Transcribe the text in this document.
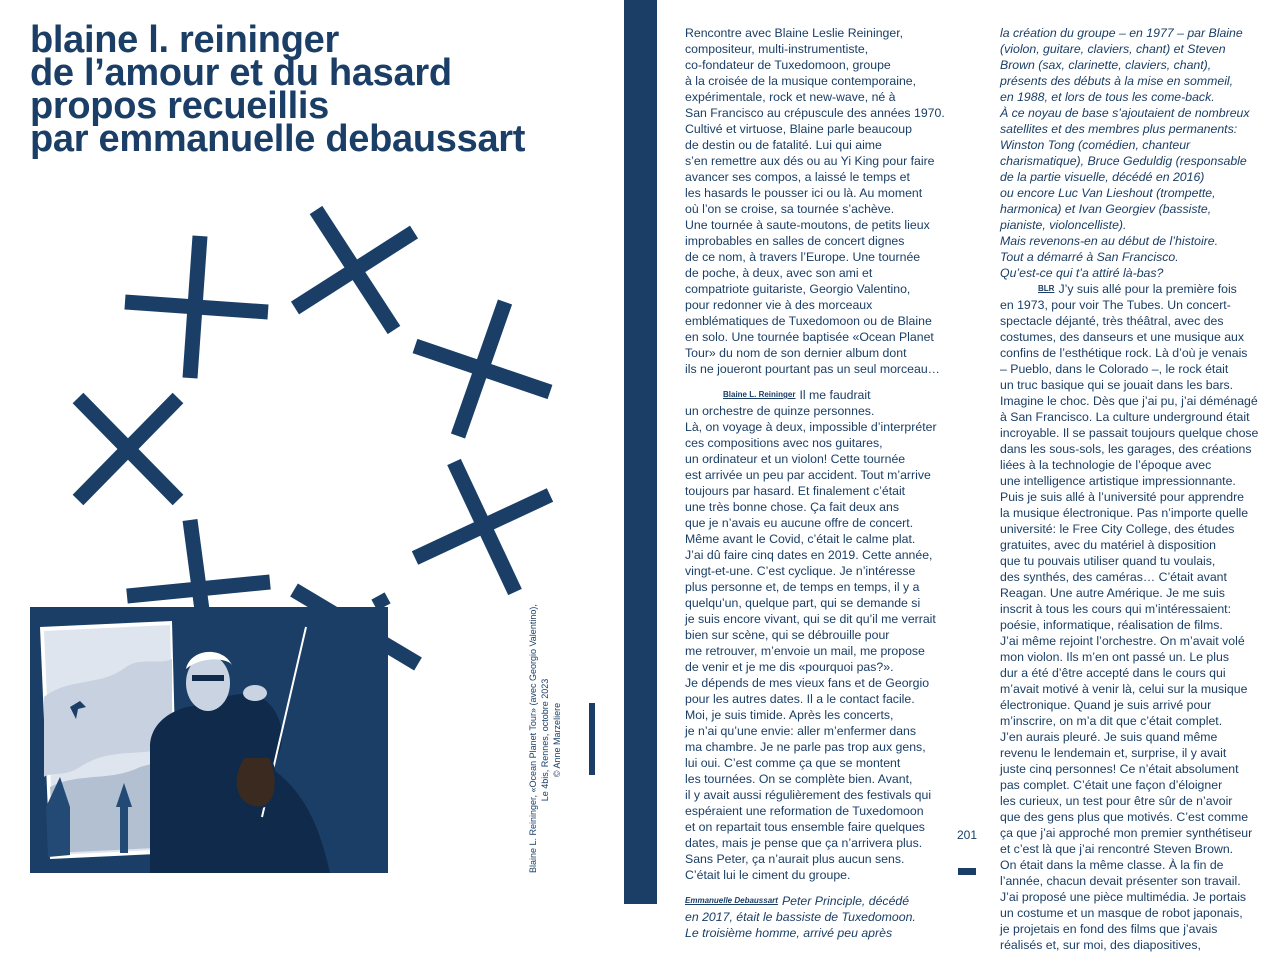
blaine l. reininger
de l’amour et du hasard
propos recueillis
par emmanuelle debaussart
Blaine L. Reininger, «Ocean Planet Tour» (avec Georgio Valentino), Le 4bis, Rennes, octobre 2023 © Anne Marzeliere
Rencontre avec Blaine Leslie Reininger,
compositeur, multi-instrumentiste,
co-fondateur de Tuxedomoon, groupe
à la croisée de la musique contemporaine,
expérimentale, rock et new-wave, né à
San Francisco au crépuscule des années 1970.
Cultivé et virtuose, Blaine parle beaucoup
de destin ou de fatalité. Lui qui aime
s’en remettre aux dés ou au Yi King pour faire
avancer ses compos, a laissé le temps et
les hasards le pousser ici ou là. Au moment
où l’on se croise, sa tournée s’achève.
Une tournée à saute-moutons, de petits lieux
improbables en salles de concert dignes
de ce nom, à travers l’Europe. Une tournée
de poche, à deux, avec son ami et
compatriote guitariste, Georgio Valentino,
pour redonner vie à des morceaux
emblématiques de Tuxedomoon ou de Blaine
en solo. Une tournée baptisée «Ocean Planet
Tour» du nom de son dernier album dont
ils ne joueront pourtant pas un seul morceau…
Blaine L. Reininger Il me faudrait
un orchestre de quinze personnes.
Là, on voyage à deux, impossible d’interpréter
ces compositions avec nos guitares,
un ordinateur et un violon! Cette tournée
est arrivée un peu par accident. Tout m’arrive
toujours par hasard. Et finalement c’était
une très bonne chose. Ça fait deux ans
que je n’avais eu aucune offre de concert.
Même avant le Covid, c’était le calme plat.
J’ai dû faire cinq dates en 2019. Cette année,
vingt-et-une. C’est cyclique. Je n’intéresse
plus personne et, de temps en temps, il y a
quelqu’un, quelque part, qui se demande si
je suis encore vivant, qui se dit qu’il me verrait
bien sur scène, qui se débrouille pour
me retrouver, m’envoie un mail, me propose
de venir et je me dis «pourquoi pas?».
Je dépends de mes vieux fans et de Georgio
pour les autres dates. Il a le contact facile.
Moi, je suis timide. Après les concerts,
je n’ai qu’une envie: aller m’enfermer dans
ma chambre. Je ne parle pas trop aux gens,
lui oui. C’est comme ça que se montent
les tournées. On se complète bien. Avant,
il y avait aussi régulièrement des festivals qui
espéraient une reformation de Tuxedomoon
et on repartait tous ensemble faire quelques
dates, mais je pense que ça n’arrivera plus.
Sans Peter, ça n’aurait plus aucun sens.
C’était lui le ciment du groupe.
Emmanuelle Debaussart Peter Principle, décédé
en 2017, était le bassiste de Tuxedomoon.
Le troisième homme, arrivé peu après
la création du groupe – en 1977 – par Blaine
(violon, guitare, claviers, chant) et Steven
Brown (sax, clarinette, claviers, chant),
présents des débuts à la mise en sommeil,
en 1988, et lors de tous les come-back.
À ce noyau de base s’ajoutaient de nombreux
satellites et des membres plus permanents:
Winston Tong (comédien, chanteur
charismatique), Bruce Geduldig (responsable
de la partie visuelle, décédé en 2016)
ou encore Luc Van Lieshout (trompette,
harmonica) et Ivan Georgiev (bassiste,
pianiste, violoncelliste).
Mais revenons-en au début de l’histoire.
Tout a démarré à San Francisco.
Qu’est-ce qui t’a attiré là-bas?
BLR J’y suis allé pour la première fois
en 1973, pour voir The Tubes. Un concert-
spectacle déjanté, très théâtral, avec des
costumes, des danseurs et une musique aux
confins de l’esthétique rock. Là d’où je venais
– Pueblo, dans le Colorado –, le rock était
un truc basique qui se jouait dans les bars.
Imagine le choc. Dès que j’ai pu, j’ai déménagé
à San Francisco. La culture underground était
incroyable. Il se passait toujours quelque chose
dans les sous-sols, les garages, des créations
liées à la technologie de l’époque avec
une intelligence artistique impressionnante.
Puis je suis allé à l’université pour apprendre
la musique électronique. Pas n’importe quelle
université: le Free City College, des études
gratuites, avec du matériel à disposition
que tu pouvais utiliser quand tu voulais,
des synthés, des caméras… C’était avant
Reagan. Une autre Amérique. Je me suis
inscrit à tous les cours qui m’intéressaient:
poésie, informatique, réalisation de films.
J’ai même rejoint l’orchestre. On m’avait volé
mon violon. Ils m’en ont passé un. Le plus
dur a été d’être accepté dans le cours qui
m’avait motivé à venir là, celui sur la musique
électronique. Quand je suis arrivé pour
m’inscrire, on m’a dit que c’était complet.
J’en aurais pleuré. Je suis quand même
revenu le lendemain et, surprise, il y avait
juste cinq personnes! Ce n’était absolument
pas complet. C’était une façon d’éloigner
les curieux, un test pour être sûr de n’avoir
que des gens plus que motivés. C’est comme
ça que j’ai approché mon premier synthétiseur
et c’est là que j’ai rencontré Steven Brown.
On était dans la même classe. À la fin de
l’année, chacun devait présenter son travail.
J’ai proposé une pièce multimédia. Je portais
un costume et un masque de robot japonais,
je projetais en fond des films que j’avais
réalisés et, sur moi, des diapositives,
201
